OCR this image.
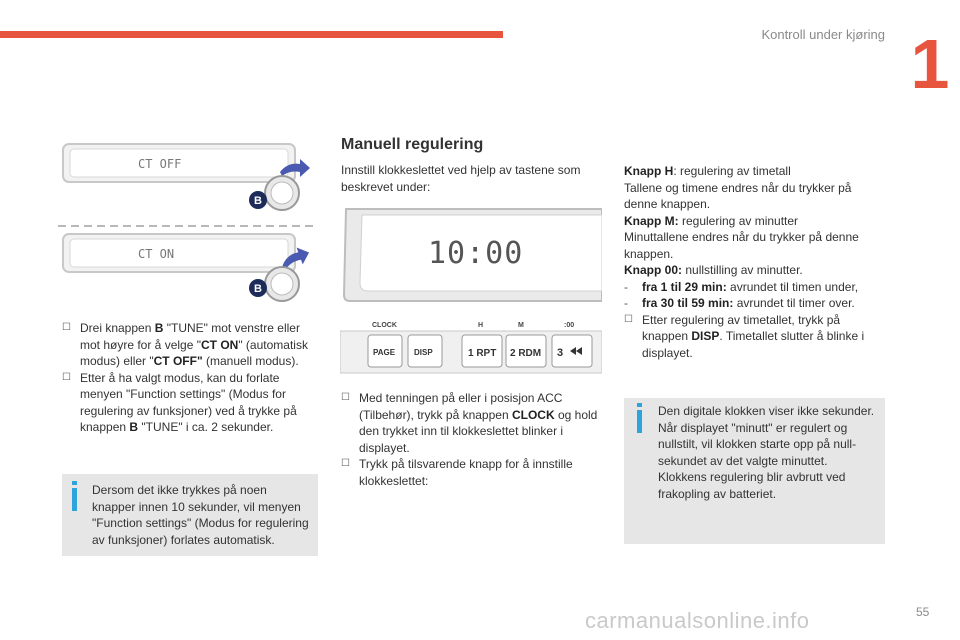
Kontroll under kjøring 1
CT OFF
B
CT ON
B

☐ Drei knappen B "TUNE" mot venstre eller mot høyre for å velge "CT ON" (automatisk modus) eller "CT OFF" (manuell modus).

☐ Etter å ha valgt modus, kan du forlate menyen "Function settings" (Modus for regulering av funksjoner) ved å trykke på knappen B "TUNE" i ca. 2 sekunder.

Dersom det ikke trykkes på noen knapper innen 10 sekunder, vil menyen "Function settings" (Modus for regulering av funksjoner) forlates automatisk.

Manuell regulering

Innstill klokkeslettet ved hjelp av tastene som beskrevet under:

10:00
CLOCK	H	M	:00
PAGE DISP	1 RPT 2 RDM 3

☐ Med tenningen på eller i posisjon ACC (Tilbehør), trykk på knappen CLOCK og hold den trykket inn til klokkeslettet blinker i displayet.

☐ Trykk på tilsvarende knapp for å innstille klokkeslettet:

Knapp H: regulering av timetall

Tallene og timene endres når du trykker på denne knappen.

Knapp M: regulering av minutter

Minuttallene endres når du trykker på denne knappen.

Knapp 00: nullstilling av minutter.

- fra 1 til 29 min: avrundet til timen under,

- fra 30 til 59 min: avrundet til timer over.

☐ Etter regulering av timetallet, trykk på knappen DISP. Timetallet slutter å blinke i displayet.

Den digitale klokken viser ikke sekunder.

Når displayet "minutt" er regulert og nullstilt, vil klokken starte opp på null-sekundet av det valgte minuttet.

Klokkens regulering blir avbrutt ved frakopling av batteriet.

carmanualsonline.info	55
